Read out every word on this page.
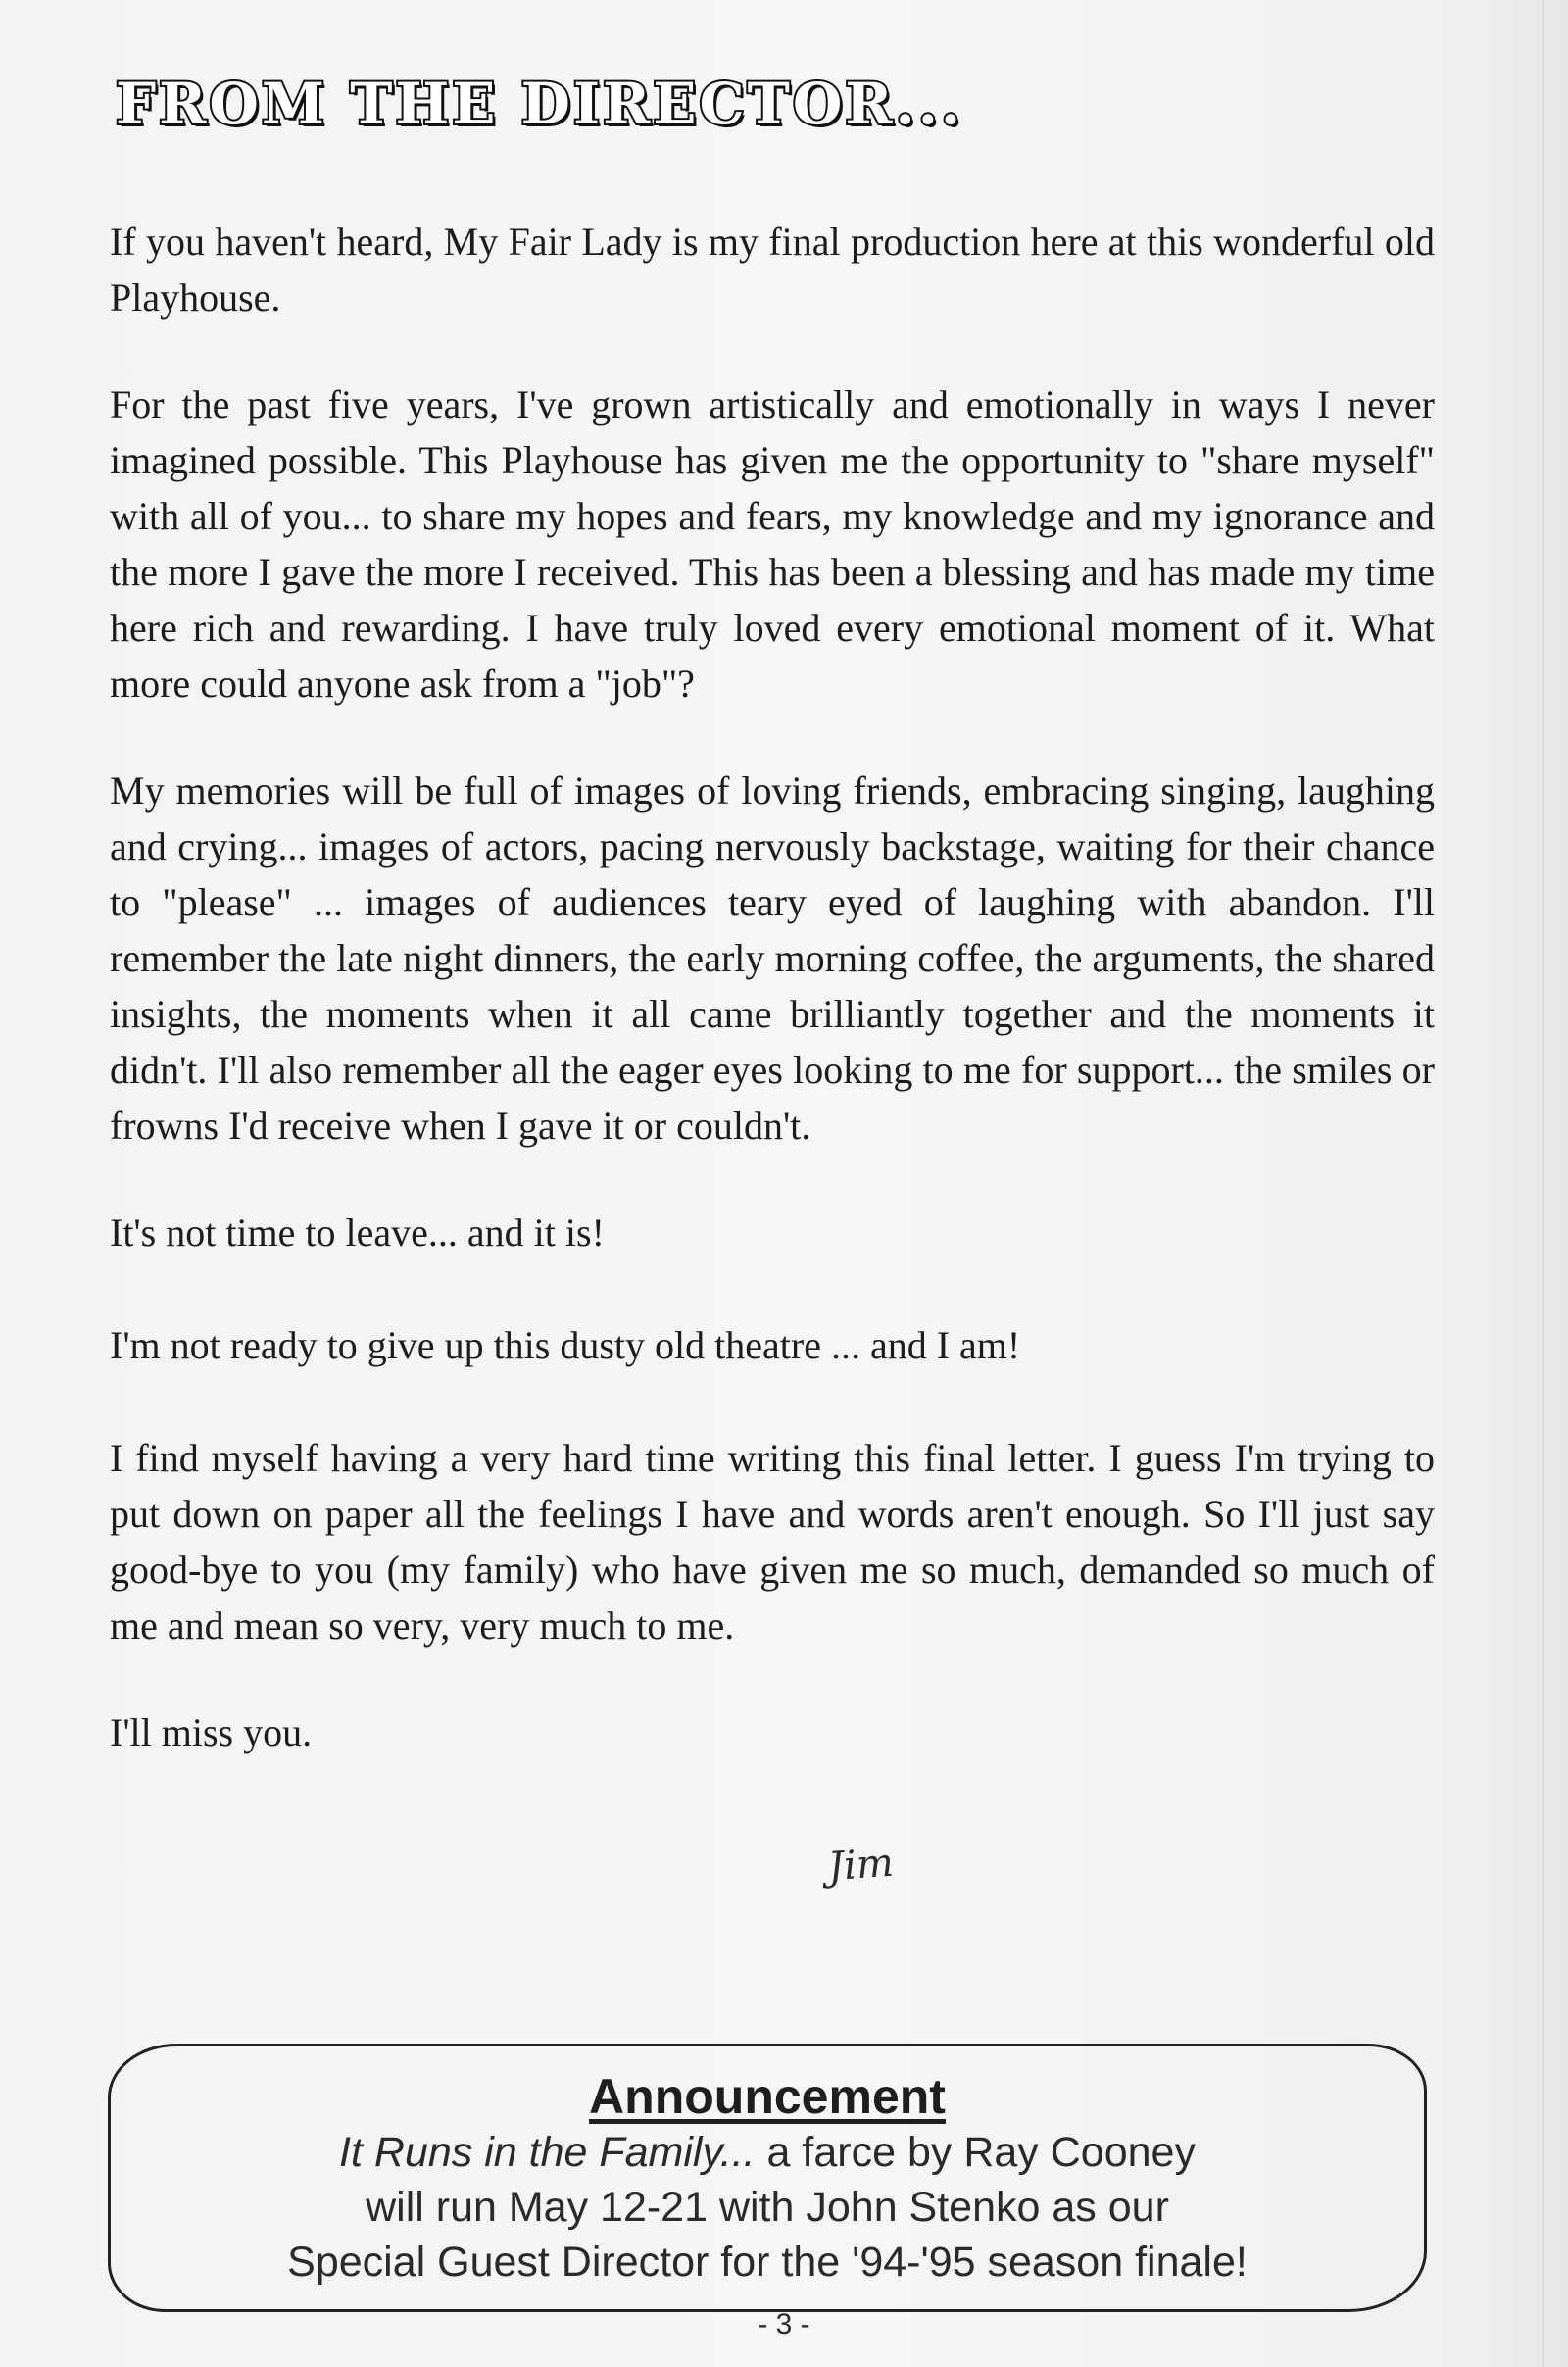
FROM THE DIRECTOR...

If you haven't heard, My Fair Lady is my final production here at this wonderful old Playhouse.

For the past five years, I've grown artistically and emotionally in ways I never imagined possible. This Playhouse has given me the opportunity to "share myself" with all of you... to share my hopes and fears, my knowledge and my ignorance and the more I gave the more I received. This has been a blessing and has made my time here rich and rewarding. I have truly loved every emotional moment of it. What more could anyone ask from a "job"?

My memories will be full of images of loving friends, embracing singing, laughing and crying... images of actors, pacing nervously backstage, waiting for their chance to "please" ... images of audiences teary eyed of laughing with abandon. I'll remember the late night dinners, the early morning coffee, the arguments, the shared insights, the moments when it all came brilliantly together and the moments it didn't. I'll also remember all the eager eyes looking to me for support... the smiles or frowns I'd receive when I gave it or couldn't.

It's not time to leave... and it is!

I'm not ready to give up this dusty old theatre ... and I am!

I find myself having a very hard time writing this final letter. I guess I'm trying to put down on paper all the feelings I have and words aren't enough. So I'll just say good-bye to you (my family) who have given me so much, demanded so much of me and mean so very, very much to me.

I'll miss you.

Jim

Announcement

It Runs in the Family... a farce by Ray Cooney

will run May 12-21 with John Stenko as our

Special Guest Director for the '94-'95 season finale!

- 3 -
